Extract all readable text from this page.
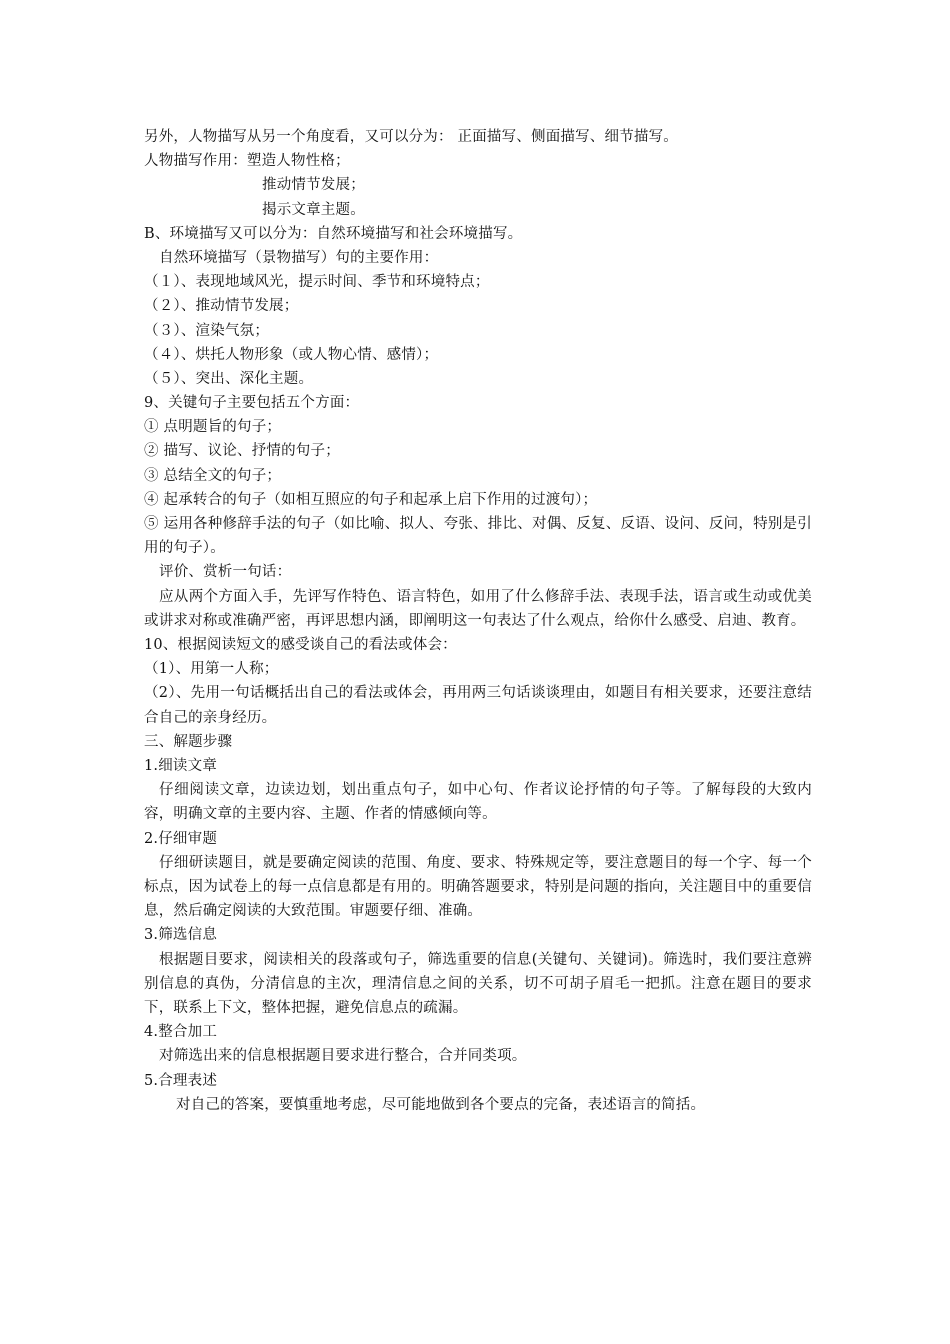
另外，人物描写从另一个角度看，又可以分为： 正面描写、侧面描写、细节描写。
人物描写作用：塑造人物性格；
推动情节发展；
揭示文章主题。
B、环境描写又可以分为：自然环境描写和社会环境描写。
自然环境描写（景物描写）句的主要作用：
（１）、表现地域风光，提示时间、季节和环境特点；
（２）、推动情节发展；
（３）、渲染气氛；
（４）、烘托人物形象（或人物心情、感情）；
（５）、突出、深化主题。
9、关键句子主要包括五个方面：
① 点明题旨的句子；
② 描写、议论、抒情的句子；
③ 总结全文的句子；
④ 起承转合的句子（如相互照应的句子和起承上启下作用的过渡句）；
⑤ 运用各种修辞手法的句子（如比喻、拟人、夸张、排比、对偶、反复、反语、设问、反问，特别是引用的句子）。
评价、赏析一句话：
应从两个方面入手，先评写作特色、语言特色，如用了什么修辞手法、表现手法，语言或生动或优美或讲求对称或准确严密，再评思想内涵，即阐明这一句表达了什么观点，给你什么感受、启迪、教育。
10、根据阅读短文的感受谈自己的看法或体会：
（1）、用第一人称；
（2）、先用一句话概括出自己的看法或体会，再用两三句话谈谈理由，如题目有相关要求，还要注意结合自己的亲身经历。
三、解题步骤
1.细读文章
仔细阅读文章，边读边划，划出重点句子，如中心句、作者议论抒情的句子等。了解每段的大致内容，明确文章的主要内容、主题、作者的情感倾向等。
2.仔细审题
仔细研读题目，就是要确定阅读的范围、角度、要求、特殊规定等，要注意题目的每一个字、每一个标点，因为试卷上的每一点信息都是有用的。明确答题要求，特别是问题的指向，关注题目中的重要信息，然后确定阅读的大致范围。审题要仔细、准确。
3.筛选信息
根据题目要求，阅读相关的段落或句子，筛选重要的信息(关键句、关键词)。筛选时，我们要注意辨别信息的真伪，分清信息的主次，理清信息之间的关系，切不可胡子眉毛一把抓。注意在题目的要求下，联系上下文，整体把握，避免信息点的疏漏。
4.整合加工
对筛选出来的信息根据题目要求进行整合，合并同类项。
5.合理表述
对自己的答案，要慎重地考虑，尽可能地做到各个要点的完备，表述语言的简括。
